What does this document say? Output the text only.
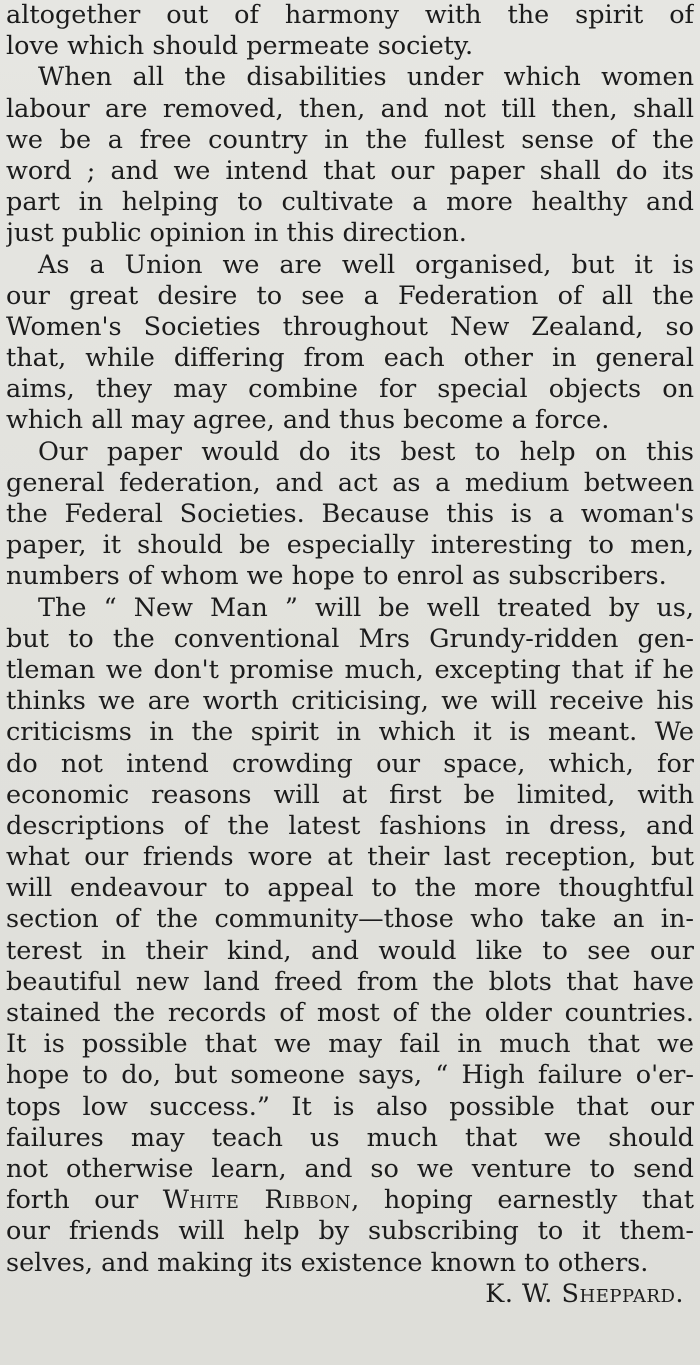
altogether out of harmony with the spirit of
love which should permeate society.
When all the disabilities under which women
labour are removed, then, and not till then, shall
we be a free country in the fullest sense of the
word ; and we intend that our paper shall do its
part in helping to cultivate a more healthy and
just public opinion in this direction.
As a Union we are well organised, but it is
our great desire to see a Federation of all the
Women's Societies throughout New Zealand, so
that, while differing from each other in general
aims, they may combine for special objects on
which all may agree, and thus become a force.
Our paper would do its best to help on this
general federation, and act as a medium between
the Federal Societies. Because this is a woman's
paper, it should be especially interesting to men,
numbers of whom we hope to enrol as subscribers.
The “ New Man ” will be well treated by us,
but to the conventional Mrs Grundy-ridden gen-
tleman we don't promise much, excepting that if he
thinks we are worth criticising, we will receive his
criticisms in the spirit in which it is meant. We
do not intend crowding our space, which, for
economic reasons will at first be limited, with
descriptions of the latest fashions in dress, and
what our friends wore at their last reception, but
will endeavour to appeal to the more thoughtful
section of the community—those who take an in-
terest in their kind, and would like to see our
beautiful new land freed from the blots that have
stained the records of most of the older countries.
It is possible that we may fail in much that we
hope to do, but someone says, “ High failure o'er-
tops low success.” It is also possible that our
failures may teach us much that we should
not otherwise learn, and so we venture to send
forth our White Ribbon, hoping earnestly that
our friends will help by subscribing to it them-
selves, and making its existence known to others.
K. W. Sheppard.
